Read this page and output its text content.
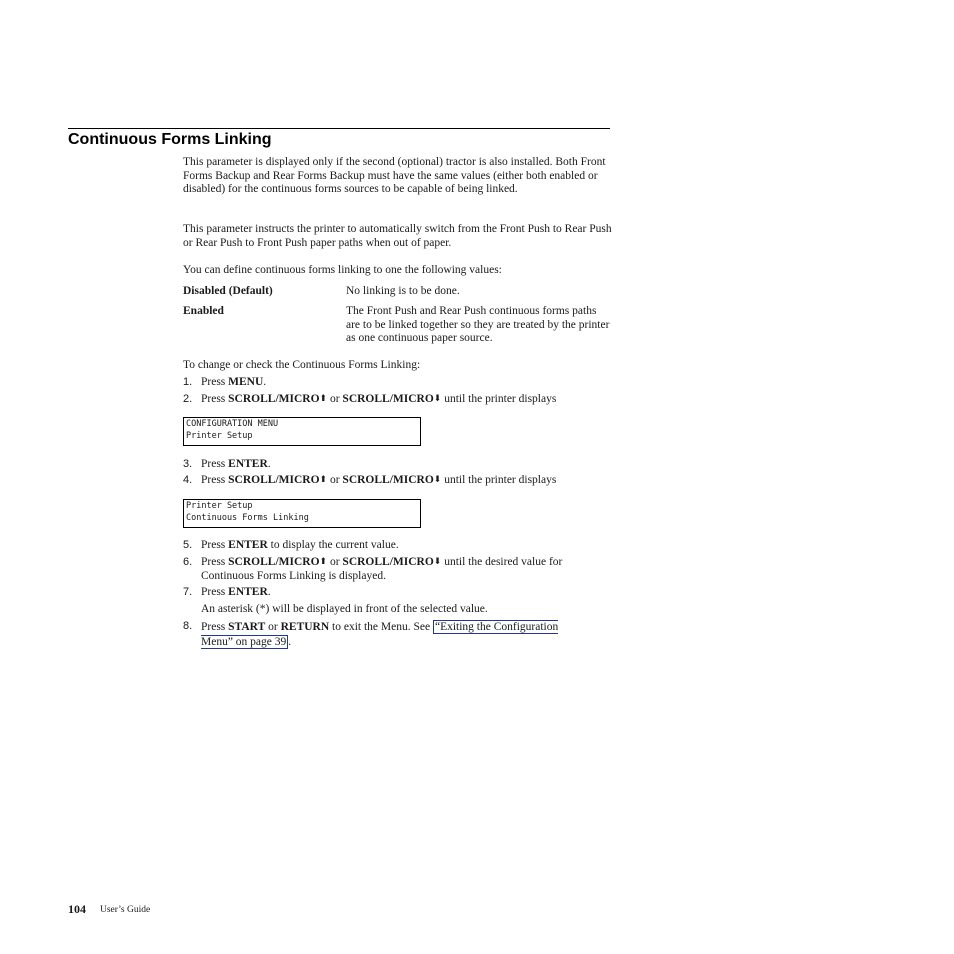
Continuous Forms Linking

This parameter is displayed only if the second (optional) tractor is also installed. Both Front Forms Backup and Rear Forms Backup must have the same values (either both enabled or disabled) for the continuous forms sources to be capable of being linked.

This parameter instructs the printer to automatically switch from the Front Push to Rear Push or Rear Push to Front Push paper paths when out of paper.

You can define continuous forms linking to one the following values:

Disabled (Default)	No linking is to be done.
Enabled	The Front Push and Rear Push continuous forms paths are to be linked together so they are treated by the printer as one continuous paper source.

To change or check the Continuous Forms Linking:

1. Press MENU.
2. Press SCROLL/MICRO⬆ or SCROLL/MICRO⬇ until the printer displays
CONFIGURATION MENU
Printer Setup
3. Press ENTER.
4. Press SCROLL/MICRO⬆ or SCROLL/MICRO⬇ until the printer displays
Printer Setup
Continuous Forms Linking
5. Press ENTER to display the current value.
6. Press SCROLL/MICRO⬆ or SCROLL/MICRO⬇ until the desired value for Continuous Forms Linking is displayed.
7. Press ENTER.
An asterisk (*) will be displayed in front of the selected value.
8. Press START or RETURN to exit the Menu. See “Exiting the Configuration Menu” on page 39 .
104 User’s Guide
